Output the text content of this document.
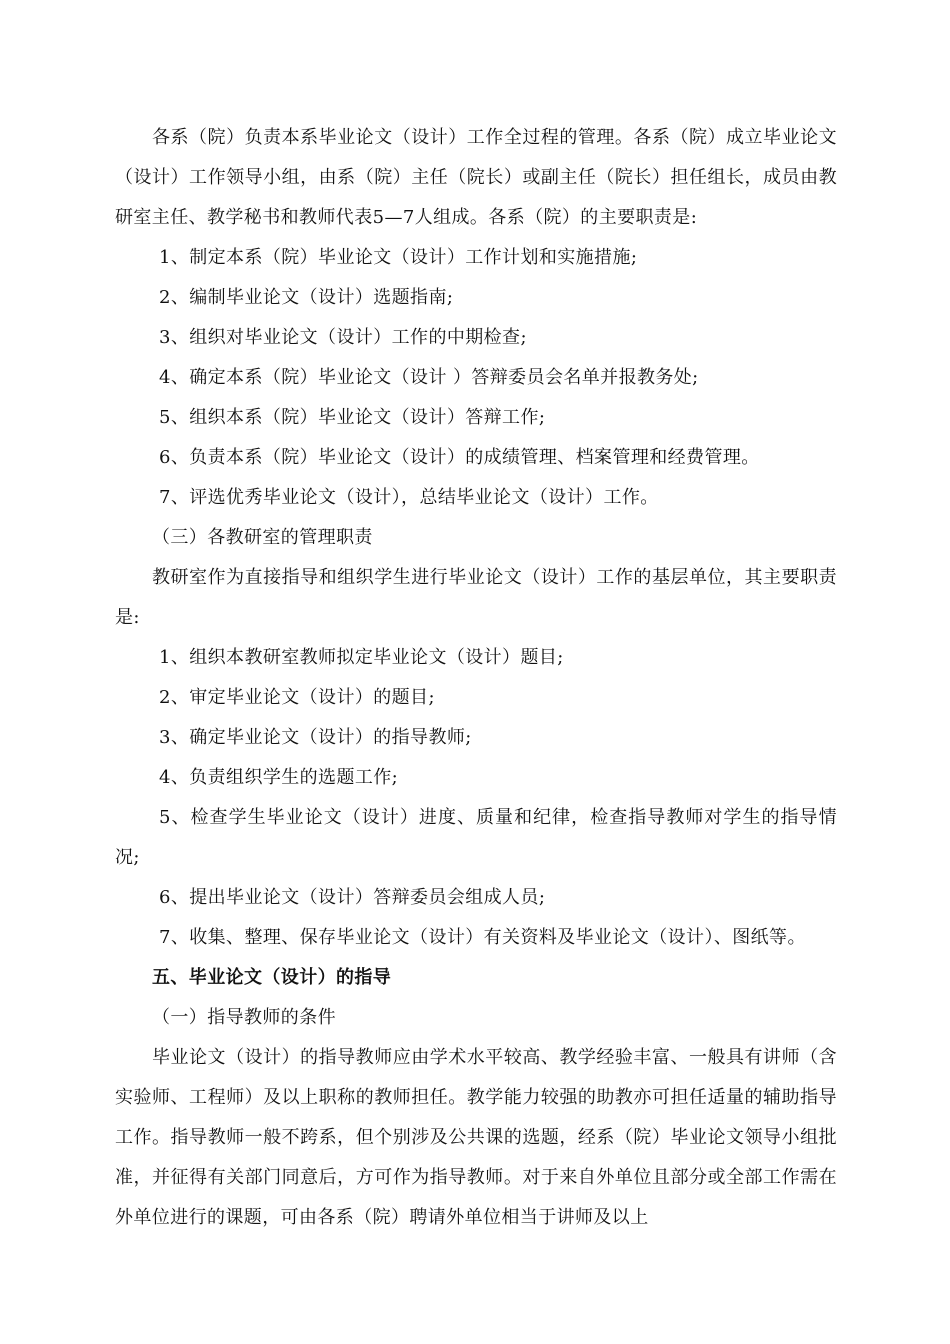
各系（院）负责本系毕业论文（设计）工作全过程的管理。各系（院）成立毕业论文（设计）工作领导小组，由系（院）主任（院长）或副主任（院长）担任组长，成员由教研室主任、教学秘书和教师代表5—7人组成。各系（院）的主要职责是:

1、制定本系（院）毕业论文（设计）工作计划和实施措施;

2、编制毕业论文（设计）选题指南;

3、组织对毕业论文（设计）工作的中期检查;

4、确定本系（院）毕业论文（设计 ）答辩委员会名单并报教务处;

5、组织本系（院）毕业论文（设计）答辩工作;

6、负责本系（院）毕业论文（设计）的成绩管理、档案管理和经费管理。

7、评选优秀毕业论文（设计），总结毕业论文（设计）工作。

（三）各教研室的管理职责

教研室作为直接指导和组织学生进行毕业论文（设计）工作的基层单位，其主要职责是:

1、组织本教研室教师拟定毕业论文（设计）题目;

2、审定毕业论文（设计）的题目;

3、确定毕业论文（设计）的指导教师;

4、负责组织学生的选题工作;

5、检查学生毕业论文（设计）进度、质量和纪律，检查指导教师对学生的指导情况;

6、提出毕业论文（设计）答辩委员会组成人员;

7、收集、整理、保存毕业论文（设计）有关资料及毕业论文（设计）、图纸等。

五、毕业论文（设计）的指导

（一）指导教师的条件

毕业论文（设计）的指导教师应由学术水平较高、教学经验丰富、一般具有讲师（含实验师、工程师）及以上职称的教师担任。教学能力较强的助教亦可担任适量的辅助指导工作。指导教师一般不跨系，但个别涉及公共课的选题，经系（院）毕业论文领导小组批准，并征得有关部门同意后，方可作为指导教师。对于来自外单位且部分或全部工作需在外单位进行的课题，可由各系（院）聘请外单位相当于讲师及以上
